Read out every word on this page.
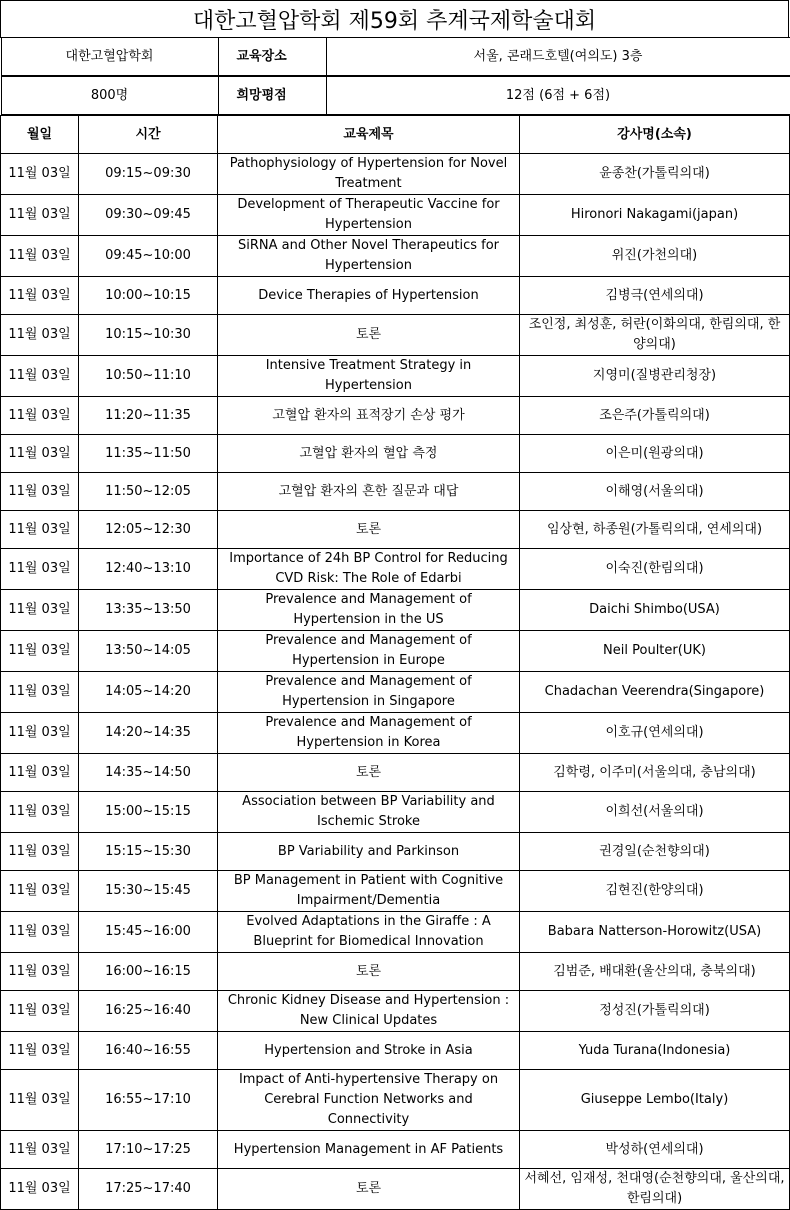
대한고혈압학회 제59회 추계국제학술대회
대한고혈압학회	교육장소	서울, 콘래드호텔(여의도) 3층

800명	희망평점	12점 (6점 + 6점)

월일	시간	교육제목	강사명(소속)
11월 03일	09:15~09:30	Pathophysiology of Hypertension for Novel Treatment	윤종찬(가톨릭의대)
11월 03일	09:30~09:45	Development of Therapeutic Vaccine for Hypertension	Hironori Nakagami(japan)
11월 03일	09:45~10:00	SiRNA and Other Novel Therapeutics for Hypertension	위진(가천의대)
11월 03일	10:00~10:15	Device Therapies of Hypertension	김병극(연세의대)
11월 03일	10:15~10:30	토론	조인정, 최성훈, 허란(이화의대, 한림의대, 한양의대)
11월 03일	10:50~11:10	Intensive Treatment Strategy in Hypertension	지영미(질병관리청장)
11월 03일	11:20~11:35	고혈압 환자의 표적장기 손상 평가	조은주(가톨릭의대)
11월 03일	11:35~11:50	고혈압 환자의 혈압 측정	이은미(원광의대)
11월 03일	11:50~12:05	고혈압 환자의 흔한 질문과 대답	이해영(서울의대)
11월 03일	12:05~12:30	토론	임상현, 하종원(가톨릭의대, 연세의대)
11월 03일	12:40~13:10	Importance of 24h BP Control for Reducing CVD Risk: The Role of Edarbi	이숙진(한림의대)
11월 03일	13:35~13:50	Prevalence and Management of Hypertension in the US	Daichi Shimbo(USA)
11월 03일	13:50~14:05	Prevalence and Management of Hypertension in Europe	Neil Poulter(UK)
11월 03일	14:05~14:20	Prevalence and Management of Hypertension in Singapore	Chadachan Veerendra(Singapore)
11월 03일	14:20~14:35	Prevalence and Management of Hypertension in Korea	이호규(연세의대)
11월 03일	14:35~14:50	토론	김학령, 이주미(서울의대, 충남의대)
11월 03일	15:00~15:15	Association between BP Variability and Ischemic Stroke	이희선(서울의대)
11월 03일	15:15~15:30	BP Variability and Parkinson	권경일(순천향의대)
11월 03일	15:30~15:45	BP Management in Patient with Cognitive Impairment/Dementia	김현진(한양의대)
11월 03일	15:45~16:00	Evolved Adaptations in the Giraffe : A Blueprint for Biomedical Innovation	Babara Natterson-Horowitz(USA)
11월 03일	16:00~16:15	토론	김범준, 배대환(울산의대, 충북의대)
11월 03일	16:25~16:40	Chronic Kidney Disease and Hypertension : New Clinical Updates	정성진(가톨릭의대)
11월 03일	16:40~16:55	Hypertension and Stroke in Asia	Yuda Turana(Indonesia)
11월 03일	16:55~17:10	Impact of Anti-hypertensive Therapy on Cerebral Function Networks and Connectivity	Giuseppe Lembo(Italy)
11월 03일	17:10~17:25	Hypertension Management in AF Patients	박성하(연세의대)
11월 03일	17:25~17:40	토론	서혜선, 임재성, 천대영(순천향의대, 울산의대, 한림의대)
